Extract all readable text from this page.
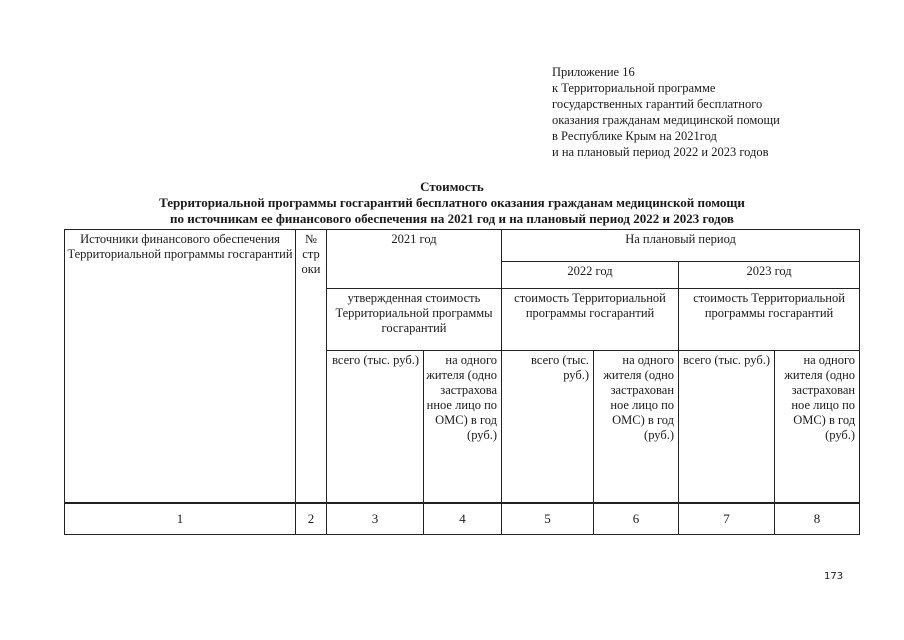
Приложение 16
к Территориальной программе
государственных гарантий бесплатного
оказания гражданам медицинской помощи
в Республике Крым на 2021год
и на плановый период 2022 и 2023 годов
Стоимость
Территориальной программы госгарантий бесплатного оказания гражданам медицинской помощи
по источникам ее финансового обеспечения на 2021 год и на плановый период 2022 и 2023 годов
Источники финансового обеспечения Территориальной программы госгарантий	№ стр оки	2021 год		На плановый период			
				2022 год		2023 год	
		утвержденная стоимость Территориальной программы госгарантий		стоимость Территориальной программы госгарантий		стоимость Территориальной программы госгарантий	
		всего (тыс. руб.)	на одного жителя (одно застрахова нное лицо по ОМС) в год (руб.)	всего (тыс. руб.)	на одного жителя (одно застрахован ное лицо по ОМС) в год (руб.)	всего (тыс. руб.)	на одного жителя (одно застрахован ное лицо по ОМС) в год (руб.)
1	2	3	4	5	6	7	8
173
